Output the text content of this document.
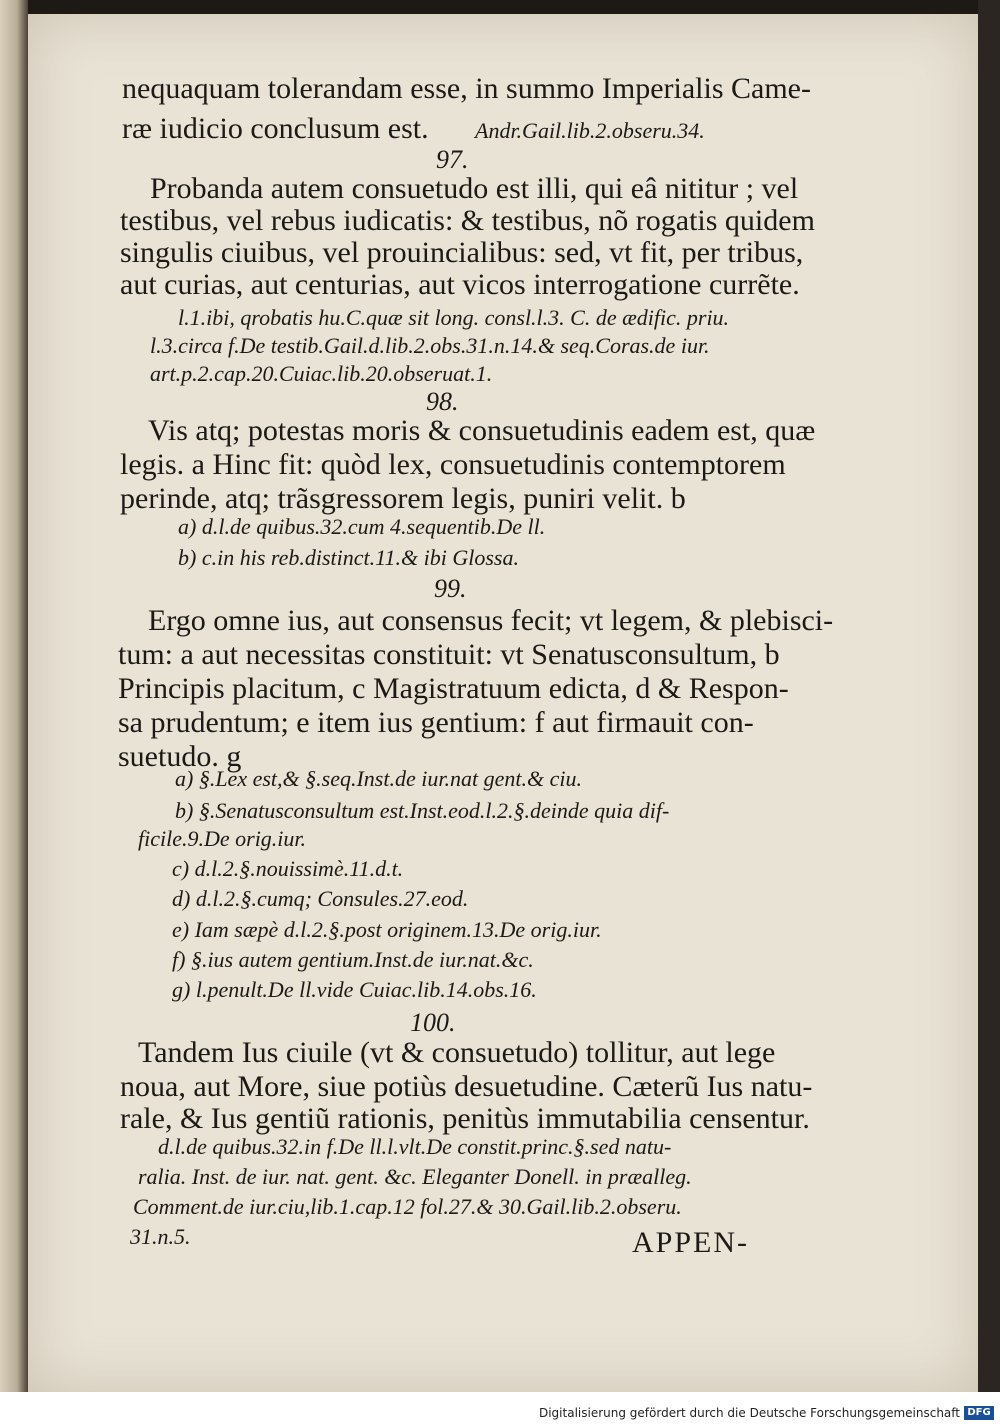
nequaquam tolerandam esse, in summo Imperialis Came-
ræ iudicio conclusum est. Andr.Gail.lib.2.obseru.34.
97.
Probanda autem consuetudo est illi, qui eâ nititur ; vel
testibus, vel rebus iudicatis: & testibus, nõ rogatis quidem
singulis ciuibus, vel prouincialibus: sed, vt fit, per tribus,
aut curias, aut centurias, aut vicos interrogatione currẽte.
l.1.ibi, qrobatis hu.C.quæ sit long. consl.l.3. C. de ædific. priu.
l.3.circa f.De testib.Gail.d.lib.2.obs.31.n.14.& seq.Coras.de iur.
art.p.2.cap.20.Cuiac.lib.20.obseruat.1.
98.
Vis atq; potestas moris & consuetudinis eadem est, quæ
legis. a Hinc fit: quòd lex, consuetudinis contemptorem
perinde, atq; trãsgressorem legis, puniri velit. b
a) d.l.de quibus.32.cum 4.sequentib.De ll.
b) c.in his reb.distinct.11.& ibi Glossa.
99.
Ergo omne ius, aut consensus fecit; vt legem, & plebisci-
tum: a aut necessitas constituit: vt Senatusconsultum, b
Principis placitum, c Magistratuum edicta, d & Respon-
sa prudentum; e item ius gentium: f aut firmauit con-
suetudo. g
a) §.Lex est,& §.seq.Inst.de iur.nat gent.& ciu.
b) §.Senatusconsultum est.Inst.eod.l.2.§.deinde quia dif-
ficile.9.De orig.iur.
c) d.l.2.§.nouissimè.11.d.t.
d) d.l.2.§.cumq; Consules.27.eod.
e) Iam sæpè d.l.2.§.post originem.13.De orig.iur.
f) §.ius autem gentium.Inst.de iur.nat.&c.
g) l.penult.De ll.vide Cuiac.lib.14.obs.16.
100.
Tandem Ius ciuile (vt & consuetudo) tollitur, aut lege
noua, aut More, siue potiùs desuetudine. Cæterũ Ius natu-
rale, & Ius gentiũ rationis, penitùs immutabilia censentur.
d.l.de quibus.32.in f.De ll.l.vlt.De constit.princ.§.sed natu-
ralia. Inst. de iur. nat. gent. &c. Eleganter Donell. in præalleg.
Comment.de iur.ciu,lib.1.cap.12 fol.27.& 30.Gail.lib.2.obseru.
31.n.5.	APPEN-
Digitalisierung gefördert durch die Deutsche Forschungsgemeinschaft DFG
